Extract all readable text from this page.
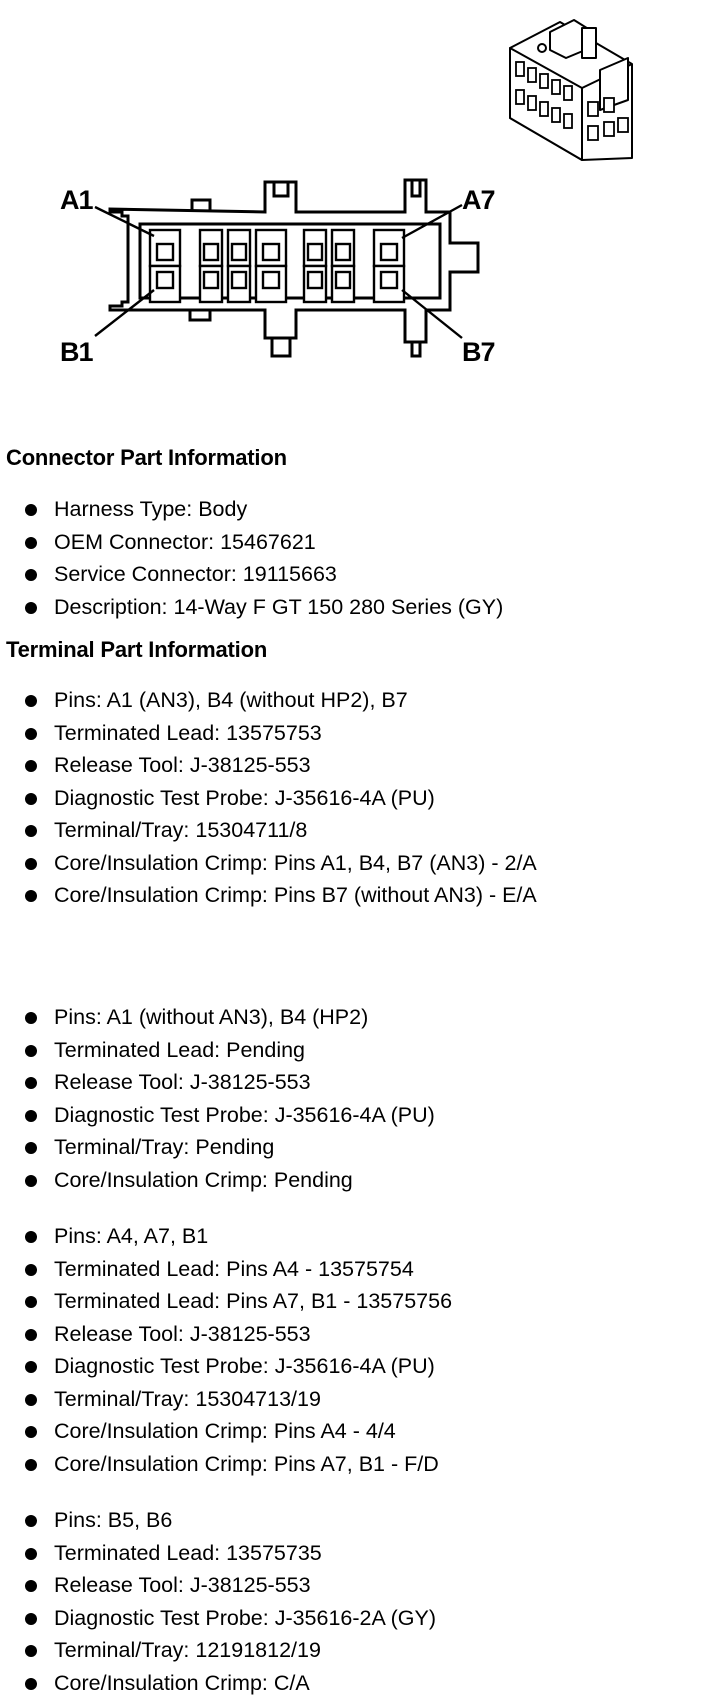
A1	A7
B1	B7
Connector Part Information
Harness Type: Body
OEM Connector: 15467621
Service Connector: 19115663
Description: 14-Way F GT 150 280 Series (GY)
Terminal Part Information
Pins: A1 (AN3), B4 (without HP2), B7
Terminated Lead: 13575753
Release Tool: J-38125-553
Diagnostic Test Probe: J-35616-4A (PU)
Terminal/Tray: 15304711/8
Core/Insulation Crimp: Pins A1, B4, B7 (AN3) - 2/A
Core/Insulation Crimp: Pins B7 (without AN3) - E/A
Pins: A1 (without AN3), B4 (HP2)
Terminated Lead: Pending
Release Tool: J-38125-553
Diagnostic Test Probe: J-35616-4A (PU)
Terminal/Tray: Pending
Core/Insulation Crimp: Pending
Pins: A4, A7, B1
Terminated Lead: Pins A4 - 13575754
Terminated Lead: Pins A7, B1 - 13575756
Release Tool: J-38125-553
Diagnostic Test Probe: J-35616-4A (PU)
Terminal/Tray: 15304713/19
Core/Insulation Crimp: Pins A4 - 4/4
Core/Insulation Crimp: Pins A7, B1 - F/D
Pins: B5, B6
Terminated Lead: 13575735
Release Tool: J-38125-553
Diagnostic Test Probe: J-35616-2A (GY)
Terminal/Tray: 12191812/19
Core/Insulation Crimp: C/A
